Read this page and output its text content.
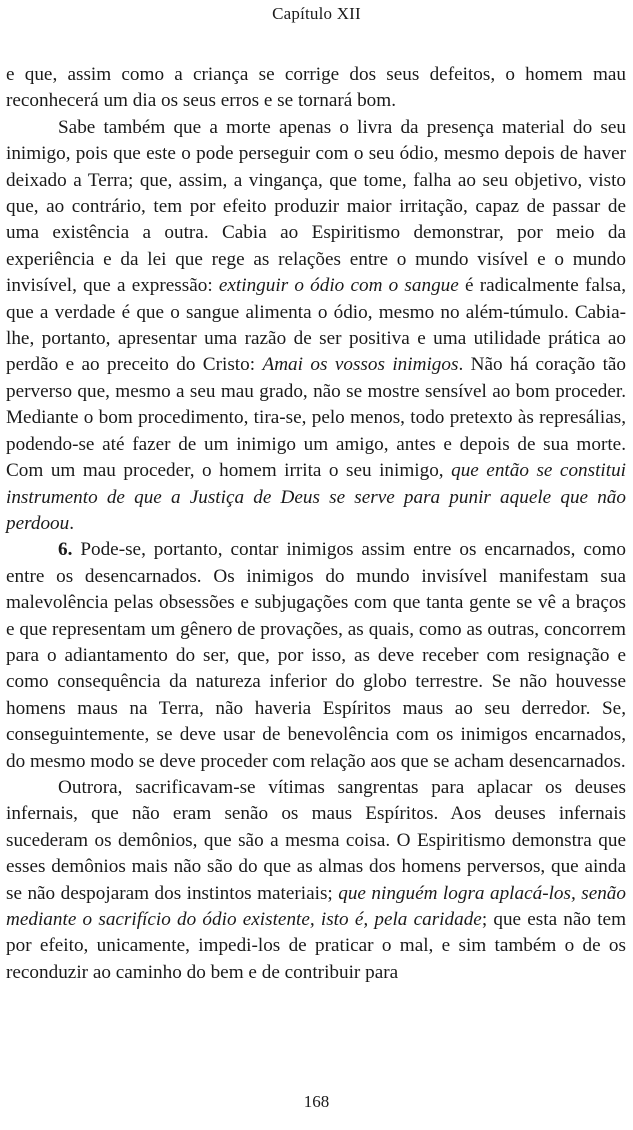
Capítulo XII

e que, assim como a criança se corrige dos seus defeitos, o homem mau reconhecerá um dia os seus erros e se tornará bom.

Sabe também que a morte apenas o livra da presença material do seu inimigo, pois que este o pode perseguir com o seu ódio, mesmo depois de haver deixado a Terra; que, assim, a vingança, que tome, falha ao seu objetivo, visto que, ao contrário, tem por efeito produzir maior irritação, capaz de passar de uma existência a outra. Cabia ao Espiritismo demonstrar, por meio da experiência e da lei que rege as relações entre o mundo visível e o mundo invisível, que a expressão: extinguir o ódio com o sangue é radicalmente falsa, que a verdade é que o sangue alimenta o ódio, mesmo no além-túmulo. Cabia-lhe, portanto, apresentar uma razão de ser positiva e uma utilidade prática ao perdão e ao preceito do Cristo: Amai os vossos inimigos. Não há coração tão perverso que, mesmo a seu mau grado, não se mostre sensível ao bom proceder. Mediante o bom procedimento, tira-se, pelo menos, todo pretexto às represálias, podendo-se até fazer de um inimigo um amigo, antes e depois de sua morte. Com um mau proceder, o homem irrita o seu inimigo, que então se constitui instrumento de que a Justiça de Deus se serve para punir aquele que não perdoou.

6. Pode-se, portanto, contar inimigos assim entre os encarnados, como entre os desencarnados. Os inimigos do mundo invisível manifestam sua malevolência pelas obsessões e subjugações com que tanta gente se vê a braços e que representam um gênero de provações, as quais, como as outras, concorrem para o adiantamento do ser, que, por isso, as deve receber com resignação e como consequência da natureza inferior do globo terrestre. Se não houvesse homens maus na Terra, não haveria Espíritos maus ao seu derredor. Se, conseguintemente, se deve usar de benevolência com os inimigos encarnados, do mesmo modo se deve proceder com relação aos que se acham desencarnados.

Outrora, sacrificavam-se vítimas sangrentas para aplacar os deuses infernais, que não eram senão os maus Espíritos. Aos deuses infernais sucederam os demônios, que são a mesma coisa. O Espiritismo demonstra que esses demônios mais não são do que as almas dos homens perversos, que ainda se não despojaram dos instintos materiais; que ninguém logra aplacá-los, senão mediante o sacrifício do ódio existente, isto é, pela caridade; que esta não tem por efeito, unicamente, impedi-los de praticar o mal, e sim também o de os reconduzir ao caminho do bem e de contribuir para

168
